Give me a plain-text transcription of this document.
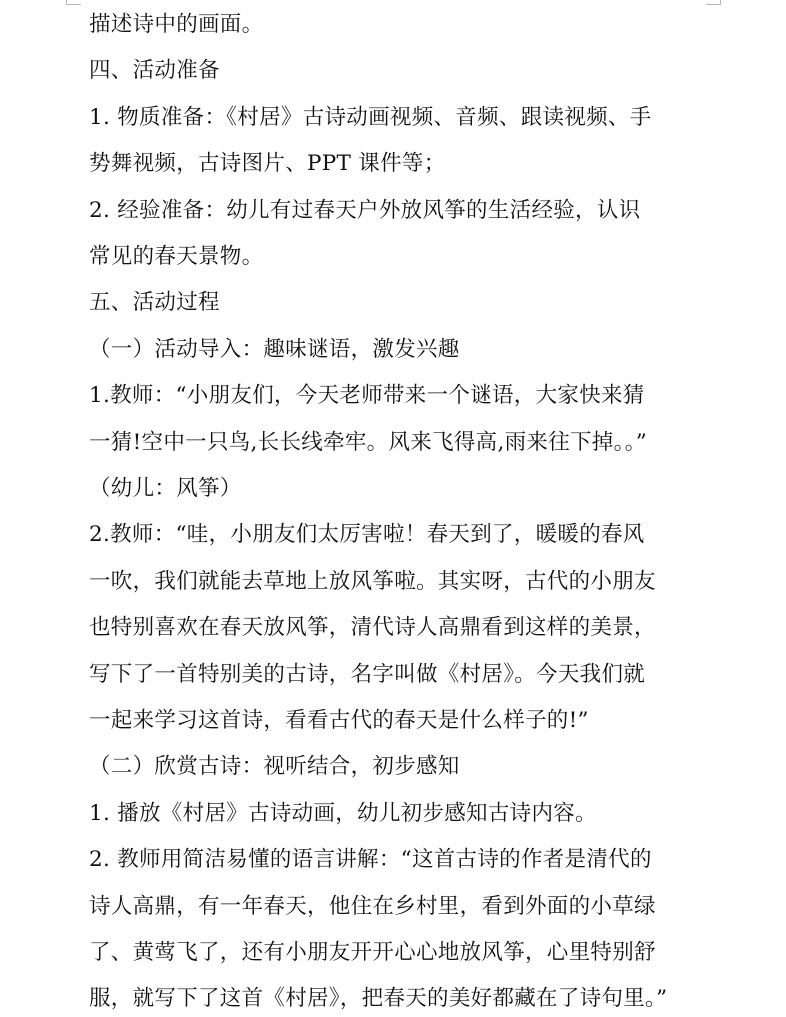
描述诗中的画面。
四、活动准备
1. 物质准备：《村居》古诗动画视频、音频、跟读视频、手
势舞视频，古诗图片、PPT 课件等；
2. 经验准备：幼儿有过春天户外放风筝的生活经验，认识
常见的春天景物。
五、活动过程
（一）活动导入：趣味谜语，激发兴趣
1.教师：“小朋友们，今天老师带来一个谜语，大家快来猜
一猜!空中一只鸟,长长线牵牢。风来飞得高,雨来往下掉。。”
（幼儿：风筝）
2.教师：“哇，小朋友们太厉害啦！春天到了，暖暖的春风
一吹，我们就能去草地上放风筝啦。其实呀，古代的小朋友
也特别喜欢在春天放风筝，清代诗人高鼎看到这样的美景，
写下了一首特别美的古诗，名字叫做《村居》。今天我们就
一起来学习这首诗，看看古代的春天是什么样子的!”
（二）欣赏古诗：视听结合，初步感知
1. 播放《村居》古诗动画，幼儿初步感知古诗内容。
2. 教师用简洁易懂的语言讲解：“这首古诗的作者是清代的
诗人高鼎，有一年春天，他住在乡村里，看到外面的小草绿
了、黄莺飞了，还有小朋友开开心心地放风筝，心里特别舒
服，就写下了这首《村居》，把春天的美好都藏在了诗句里。”
